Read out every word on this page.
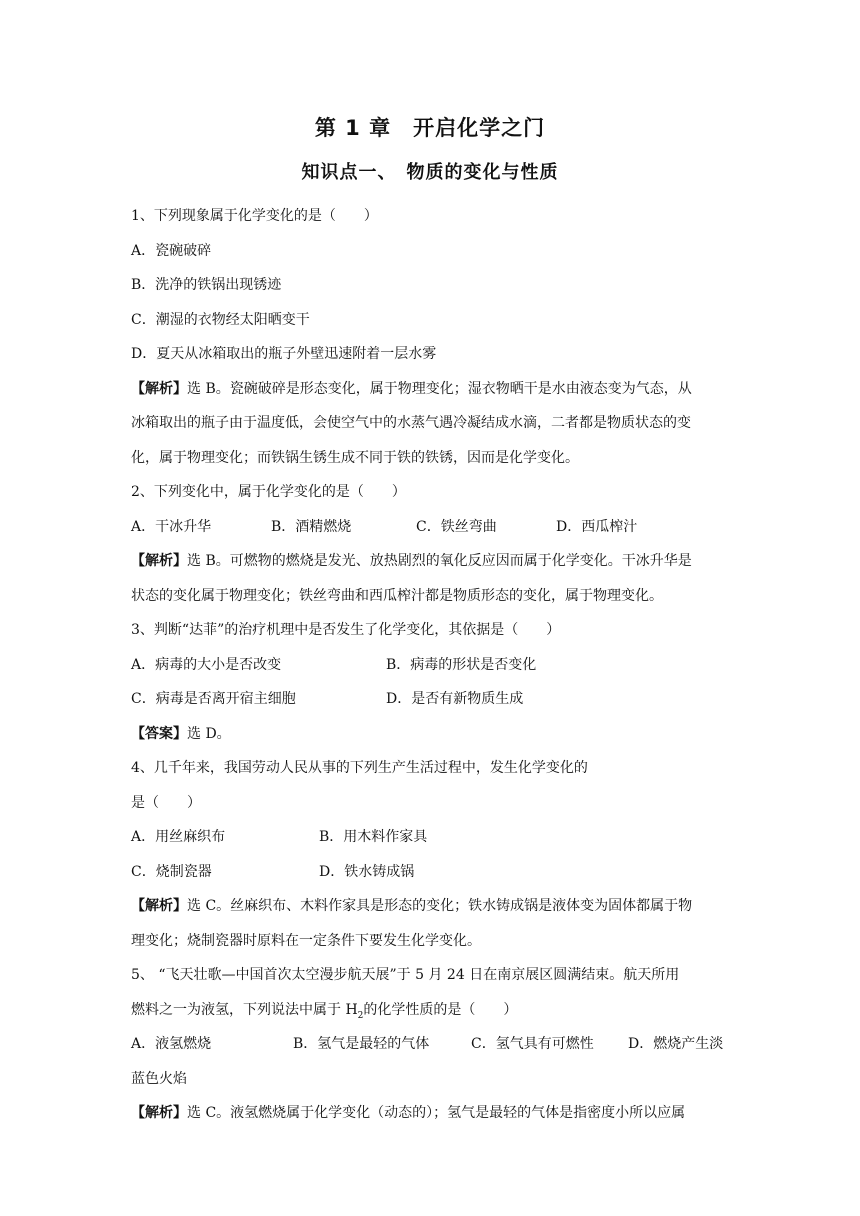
第 1 章　开启化学之门
知识点一、　物质的变化与性质
1、下列现象属于化学变化的是（　　）
A．瓷碗破碎
B．洗净的铁锅出现锈迹
C．潮湿的衣物经太阳晒变干
D．夏天从冰箱取出的瓶子外壁迅速附着一层水雾
【解析】选 B。瓷碗破碎是形态变化，属于物理变化；湿衣物晒干是水由液态变为气态，从
冰箱取出的瓶子由于温度低，会使空气中的水蒸气遇冷凝结成水滴，二者都是物质状态的变
化，属于物理变化；而铁锅生锈生成不同于铁的铁锈，因而是化学变化。
2、下列变化中，属于化学变化的是（　　）
A．干冰升华	B．酒精燃烧	C．铁丝弯曲	D．西瓜榨汁
【解析】选 B。可燃物的燃烧是发光、放热剧烈的氧化反应因而属于化学变化。干冰升华是
状态的变化属于物理变化；铁丝弯曲和西瓜榨汁都是物质形态的变化，属于物理变化。
3、判断“达菲”的治疗机理中是否发生了化学变化，其依据是（　　）
A．病毒的大小是否改变	B．病毒的形状是否变化
C．病毒是否离开宿主细胞	D．是否有新物质生成
【答案】选 D。
4、几千年来，我国劳动人民从事的下列生产生活过程中，发生化学变化的
是（　　）
A．用丝麻织布	B．用木料作家具
C．烧制瓷器	D．铁水铸成锅
【解析】选 C。丝麻织布、木料作家具是形态的变化；铁水铸成锅是液体变为固体都属于物
理变化；烧制瓷器时原料在一定条件下要发生化学变化。
5、 “飞天壮歌—中国首次太空漫步航天展”于 5 月 24 日在南京展区圆满结束。航天所用
燃料之一为液氢，下列说法中属于 $H_2$的化学性质的是（　　）
A．液氢燃烧	B．氢气是最轻的气体	C．氢气具有可燃性 D．燃烧产生淡
蓝色火焰
【解析】选 C。液氢燃烧属于化学变化（动态的）；氢气是最轻的气体是指密度小所以应属
